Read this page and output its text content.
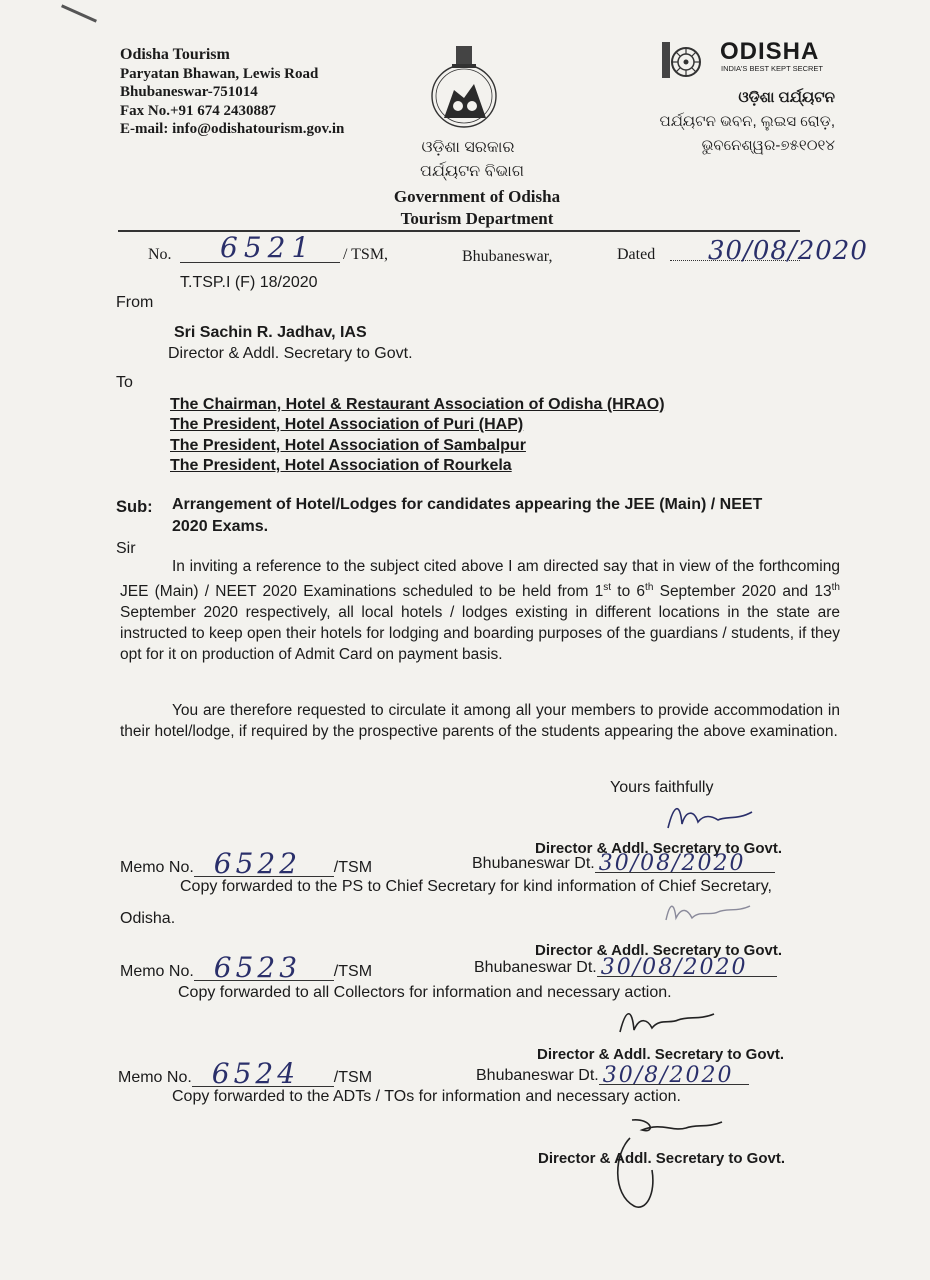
Odisha Tourism
Paryatan Bhawan, Lewis Road
Bhubaneswar-751014
Fax No.+91 674 2430887
E-mail: info@odishatourism.gov.in
ଓଡ଼ିଶା ସରକାର
ପର୍ଯ୍ୟଟନ ବିଭାଗ
Government of Odisha
Tourism Department
ODISHA
INDIA'S BEST KEPT SECRET
ଓଡ଼ିଶା ପର୍ଯ୍ୟଟନ
ପର୍ଯ୍ୟଟନ ଭବନ, ଲୁଇସ ରୋଡ଼,
ଭୁବନେଶ୍ୱର-୭୫୧୦୧୪
No. 6521 / TSM,	Bhubaneswar,	Dated 30/08/2020
T.TSP.I (F) 18/2020
From
Sri Sachin R. Jadhav, IAS
Director & Addl. Secretary to Govt.
To
The Chairman, Hotel & Restaurant Association of Odisha (HRAO)
The President, Hotel Association of Puri (HAP)
The President, Hotel Association of Sambalpur
The President, Hotel Association of Rourkela
Sub: Arrangement of Hotel/Lodges for candidates appearing the JEE (Main) / NEET
2020 Exams.
Sir
In inviting a reference to the subject cited above I am directed say that in view of the forthcoming JEE (Main) / NEET 2020 Examinations scheduled to be held from 1st to 6th September 2020 and 13th September 2020 respectively, all local hotels / lodges existing in different locations in the state are instructed to keep open their hotels for lodging and boarding purposes of the guardians / students, if they opt for it on production of Admit Card on payment basis.
You are therefore requested to circulate it among all your members to provide accommodation in their hotel/lodge, if required by the prospective parents of the students appearing the above examination.
Yours faithfully
Director & Addl. Secretary to Govt.
Memo No. 6522 /TSM	Bhubaneswar Dt. 30/08/2020
Copy forwarded to the PS to Chief Secretary for kind information of Chief Secretary,
Odisha.
Director & Addl. Secretary to Govt.
Memo No. 6523 /TSM	Bhubaneswar Dt. 30/08/2020
Copy forwarded to all Collectors for information and necessary action.
Director & Addl. Secretary to Govt.
Memo No. 6524 /TSM	Bhubaneswar Dt. 30/8/2020
Copy forwarded to the ADTs / TOs for information and necessary action.
Director & Addl. Secretary to Govt.
